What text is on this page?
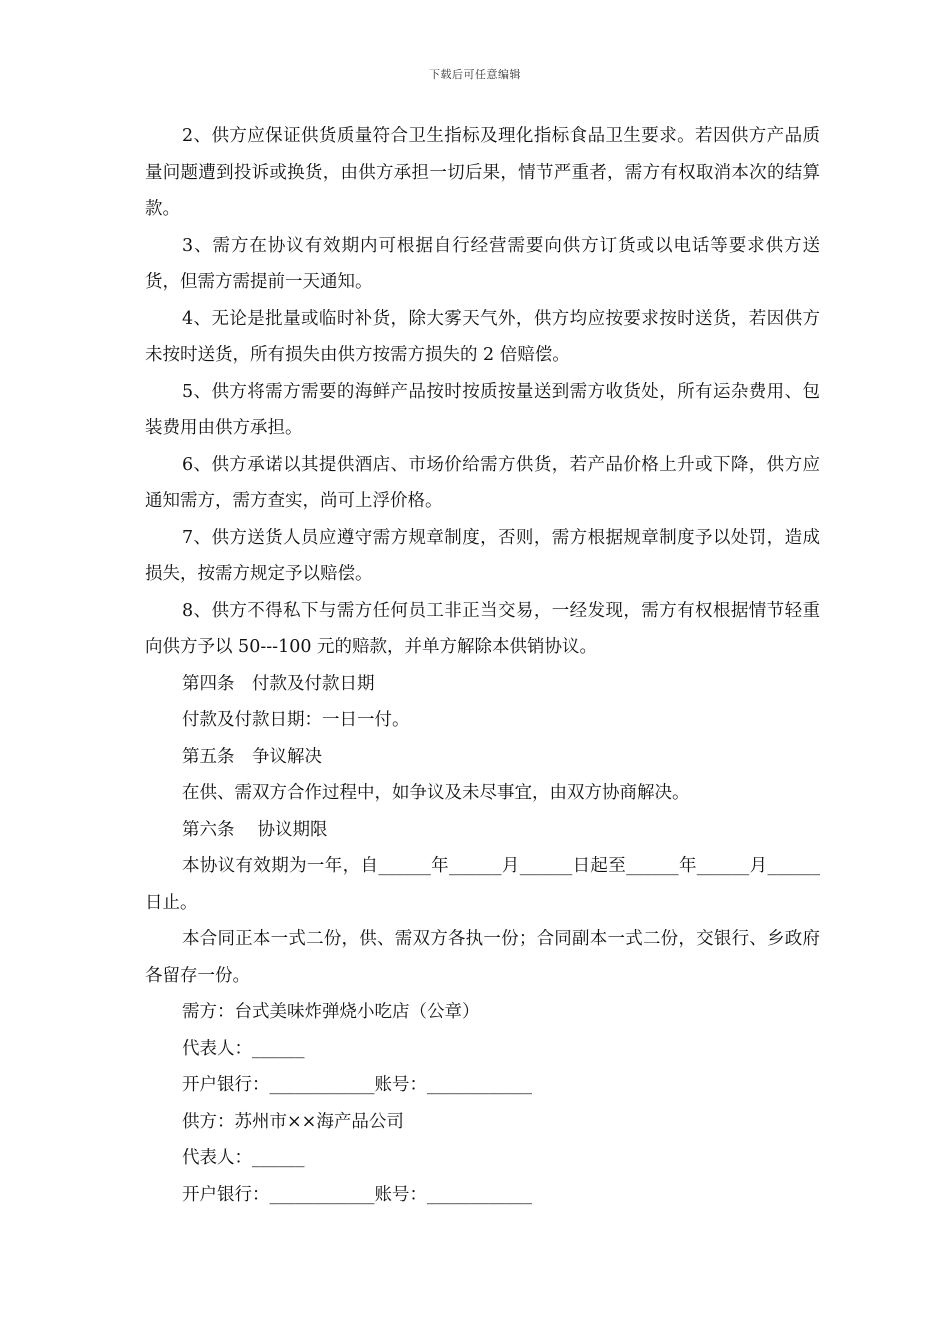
下载后可任意编辑

2、供方应保证供货质量符合卫生指标及理化指标食品卫生要求。若因供方产品质量问题遭到投诉或换货，由供方承担一切后果，情节严重者，需方有权取消本次的结算款。

3、需方在协议有效期内可根据自行经营需要向供方订货或以电话等要求供方送货，但需方需提前一天通知。

4、无论是批量或临时补货，除大雾天气外，供方均应按要求按时送货，若因供方未按时送货，所有损失由供方按需方损失的 2 倍赔偿。

5、供方将需方需要的海鲜产品按时按质按量送到需方收货处，所有运杂费用、包装费用由供方承担。

6、供方承诺以其提供酒店、市场价给需方供货，若产品价格上升或下降，供方应通知需方，需方查实，尚可上浮价格。

7、供方送货人员应遵守需方规章制度，否则，需方根据规章制度予以处罚，造成损失，按需方规定予以赔偿。

8、供方不得私下与需方任何员工非正当交易，一经发现，需方有权根据情节轻重向供方予以 50---100 元的赔款，并单方解除本供销协议。

第四条　付款及付款日期

付款及付款日期：一日一付。

第五条　争议解决

在供、需双方合作过程中，如争议及未尽事宜，由双方协商解决。

第六条　 协议期限

本协议有效期为一年，自______年______月______日起至______年______月______日止。

本合同正本一式二份，供、需双方各执一份；合同副本一式二份，交银行、乡政府各留存一份。

需方：台式美味炸弹烧小吃店（公章）

代表人：______

开户银行：____________账号：____________

供方：苏州市××海产品公司

代表人：______

开户银行：____________账号：____________
